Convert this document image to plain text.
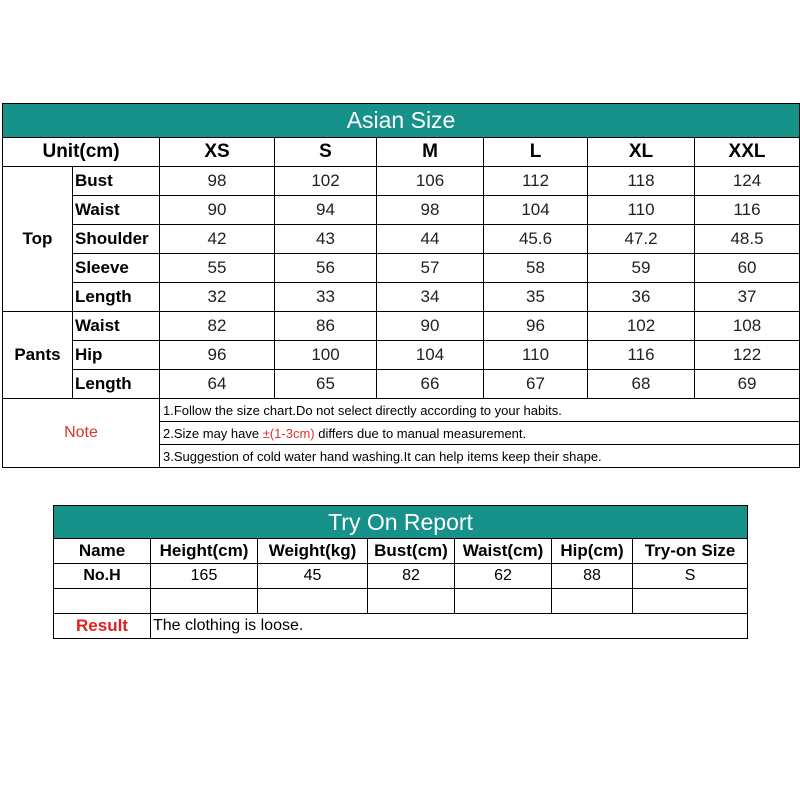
Asian Size							
Unit(cm)		XS	S	M	L	XL	XXL
Top	Bust	98	102	106	112	118	124
	Waist	90	94	98	104	110	116
	Shoulder	42	43	44	45.6	47.2	48.5
	Sleeve	55	56	57	58	59	60
	Length	32	33	34	35	36	37
Pants	Waist	82	86	90	96	102	108
	Hip	96	100	104	110	116	122
	Length	64	65	66	67	68	69
Note		1.Follow the size chart.Do not select directly according to your habits.					
		2.Size may have ±(1-3cm) differs due to manual measurement.					
		3.Suggestion of cold water hand washing.It can help items keep their shape.					
Try On Report						
Name	Height(cm)	Weight(kg)	Bust(cm)	Waist(cm)	Hip(cm)	Try-on Size
No.H	165	45	82	62	88	S

Result	The clothing is loose.					
